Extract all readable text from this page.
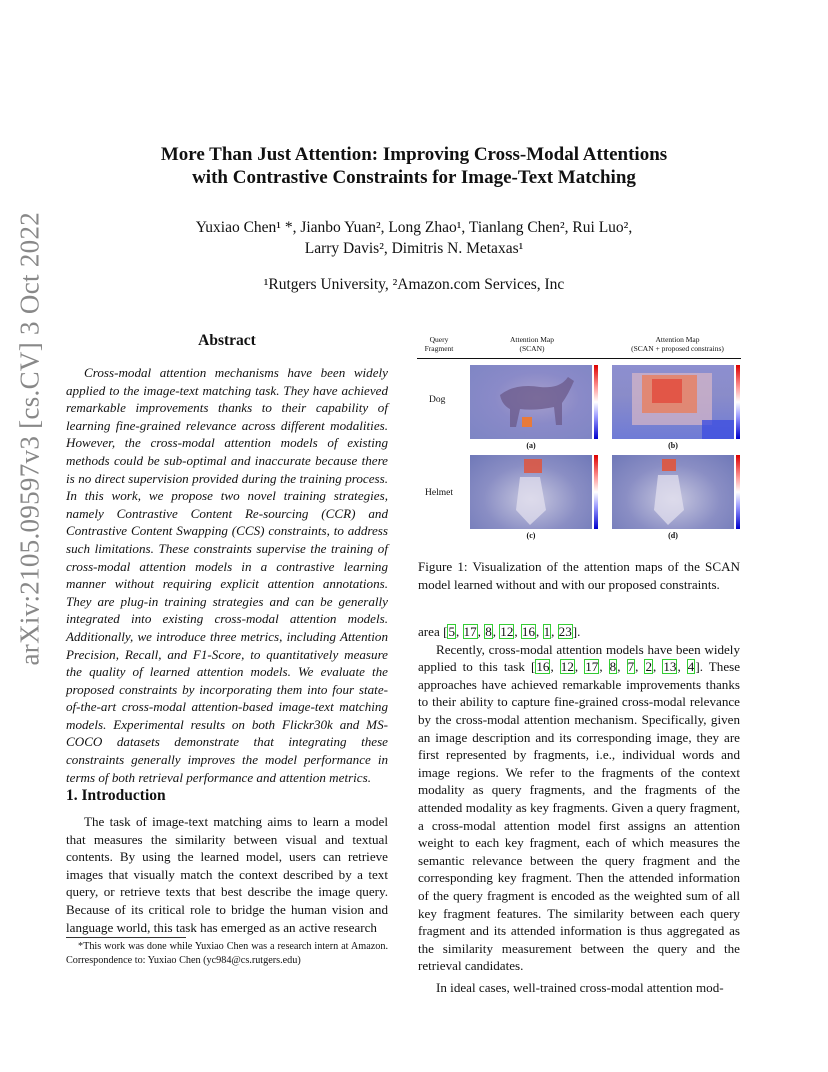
arXiv:2105.09597v3 [cs.CV] 3 Oct 2022
More Than Just Attention: Improving Cross-Modal Attentions
with Contrastive Constraints for Image-Text Matching
Yuxiao Chen¹ *, Jianbo Yuan², Long Zhao¹, Tianlang Chen², Rui Luo²,
Larry Davis², Dimitris N. Metaxas¹
¹Rutgers University, ²Amazon.com Services, Inc
Abstract

Cross-modal attention mechanisms have been widely applied to the image-text matching task. They have achieved remarkable improvements thanks to their capability of learning fine-grained relevance across different modalities. However, the cross-modal attention models of existing methods could be sub-optimal and inaccurate because there is no direct supervision provided during the training process. In this work, we propose two novel training strategies, namely Contrastive Content Re-sourcing (CCR) and Contrastive Content Swapping (CCS) constraints, to address such limitations. These constraints supervise the training of cross-modal attention models in a contrastive learning manner without requiring explicit attention annotations. They are plug-in training strategies and can be generally integrated into existing cross-modal attention models. Additionally, we introduce three metrics, including Attention Precision, Recall, and F1-Score, to quantitatively measure the quality of learned attention models. We evaluate the proposed constraints by incorporating them into four state-of-the-art cross-modal attention-based image-text matching models. Experimental results on both Flickr30k and MS-COCO datasets demonstrate that integrating these constraints generally improves the model performance in terms of both retrieval performance and attention metrics.

1. Introduction

The task of image-text matching aims to learn a model that measures the similarity between visual and textual contents. By using the learned model, users can retrieve images that visually match the context described by a text query, or retrieve texts that best describe the image query. Because of its critical role to bridge the human vision and language world, this task has emerged as an active research

*This work was done while Yuxiao Chen was a research intern at Amazon. Correspondence to: Yuxiao Chen (yc984@cs.rutgers.edu)

Query
Fragment
Attention Map
(SCAN)
Attention Map
(SCAN + proposed constrains)
Dog
Helmet
(a)	(b)
(c)	(d)
Figure 1: Visualization of the attention maps of the SCAN model learned without and with our proposed constraints.

area [5, 17, 8, 12, 16, 1, 23].

Recently, cross-modal attention models have been widely applied to this task [16, 12, 17, 8, 7, 2, 13, 4]. These approaches have achieved remarkable improvements thanks to their ability to capture fine-grained cross-modal relevance by the cross-modal attention mechanism. Specifically, given an image description and its corresponding image, they are first represented by fragments, i.e., individual words and image regions. We refer to the fragments of the context modality as query fragments, and the fragments of the attended modality as key fragments. Given a query fragment, a cross-modal attention model first assigns an attention weight to each key fragment, each of which measures the semantic relevance between the query fragment and the corresponding key fragment. Then the attended information of the query fragment is encoded as the weighted sum of all key fragment features. The similarity between each query fragment and its attended information is thus aggregated as the similarity measurement between the query and the retrieval candidates.

In ideal cases, well-trained cross-modal attention mod-
